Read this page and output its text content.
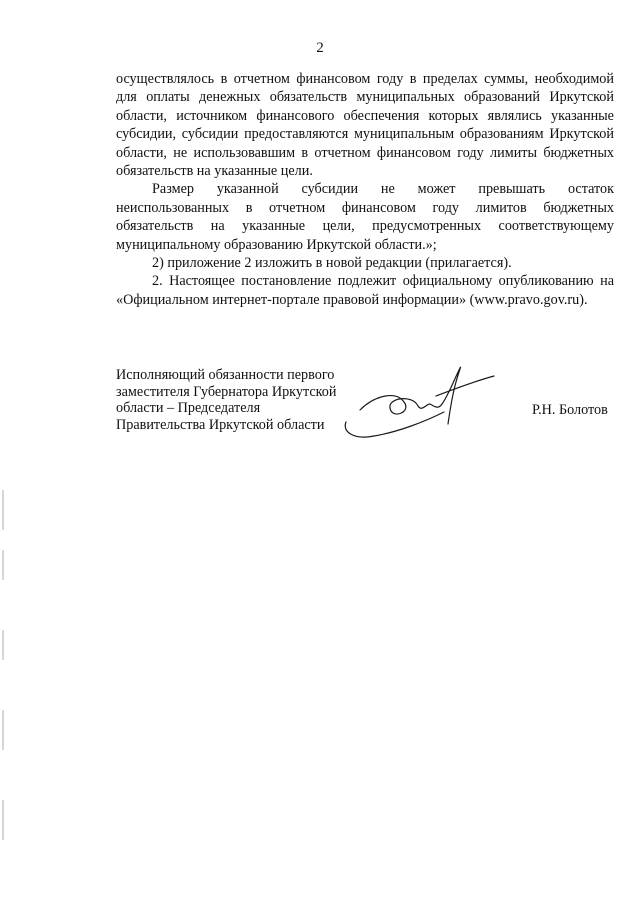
2

осуществлялось в отчетном финансовом году в пределах суммы, необходимой для оплаты денежных обязательств муниципальных образований Иркутской области, источником финансового обеспечения которых являлись указанные субсидии, субсидии предоставляются муниципальным образованиям Иркутской области, не использовавшим в отчетном финансовом году лимиты бюджетных обязательств на указанные цели.

Размер указанной субсидии не может превышать остаток неиспользованных в отчетном финансовом году лимитов бюджетных обязательств на указанные цели, предусмотренных соответствующему муниципальному образованию Иркутской области.»;

2) приложение 2 изложить в новой редакции (прилагается).

2. Настоящее постановление подлежит официальному опубликованию на «Официальном интернет-портале правовой информации» (www.pravo.gov.ru).

Исполняющий обязанности первого
заместителя Губернатора Иркутской
области – Председателя
Правительства Иркутской области
Р.Н. Болотов
